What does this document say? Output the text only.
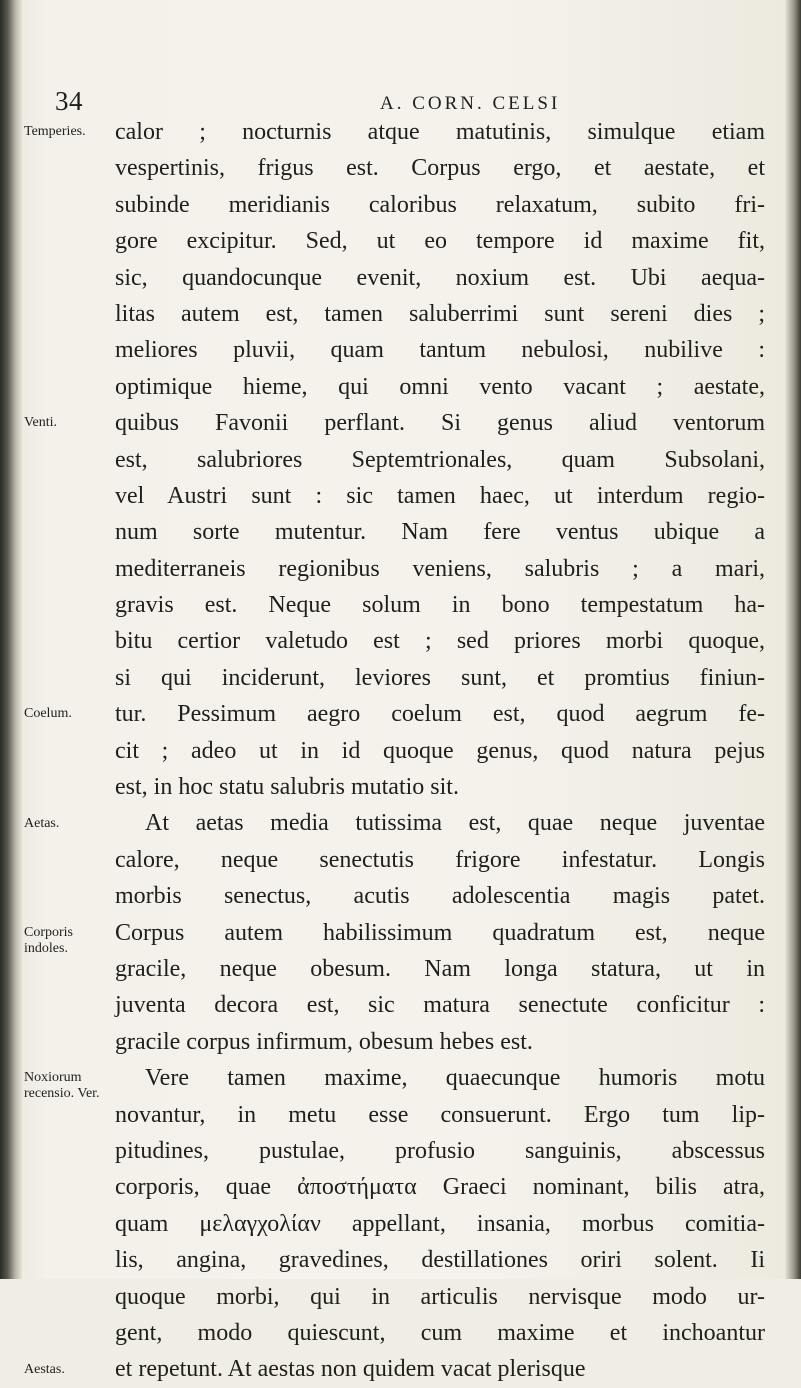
34	A. CORN. CELSI
calor ; nocturnis atque matutinis, simulque etiam
vespertinis, frigus est. Corpus ergo, et aestate, et
subinde meridianis caloribus relaxatum, subito fri-
gore excipitur. Sed, ut eo tempore id maxime fit,
sic, quandocunque evenit, noxium est. Ubi aequa-
litas autem est, tamen saluberrimi sunt sereni dies ;
meliores pluvii, quam tantum nebulosi, nubilive :
optimique hieme, qui omni vento vacant ; aestate,
quibus Favonii perflant. Si genus aliud ventorum
est, salubriores Septemtrionales, quam Subsolani,
vel Austri sunt : sic tamen haec, ut interdum regio-
num sorte mutentur. Nam fere ventus ubique a
mediterraneis regionibus veniens, salubris ; a mari,
gravis est. Neque solum in bono tempestatum ha-
bitu certior valetudo est ; sed priores morbi quoque,
si qui inciderunt, leviores sunt, et promtius finiun-
tur. Pessimum aegro coelum est, quod aegrum fe-
cit ; adeo ut in id quoque genus, quod natura pejus
est, in hoc statu salubris mutatio sit.
At aetas media tutissima est, quae neque juventae
calore, neque senectutis frigore infestatur. Longis
morbis senectus, acutis adolescentia magis patet.
Corpus autem habilissimum quadratum est, neque
gracile, neque obesum. Nam longa statura, ut in
juventa decora est, sic matura senectute conficitur :
gracile corpus infirmum, obesum hebes est.
Vere tamen maxime, quaecunque humoris motu
novantur, in metu esse consuerunt. Ergo tum lip-
pitudines, pustulae, profusio sanguinis, abscessus
corporis, quae ἀποστήματα Graeci nominant, bilis atra,
quam μελαγχολίαν appellant, insania, morbus comitia-
lis, angina, gravedines, destillationes oriri solent. Ii
quoque morbi, qui in articulis nervisque modo ur-
gent, modo quiescunt, cum maxime et inchoantur
et repetunt. At aestas non quidem vacat plerisque
Temperies.
Venti.
Coelum.
Aetas.
Corporis indoles.
Noxiorum recensio. Ver.
Aestas.
